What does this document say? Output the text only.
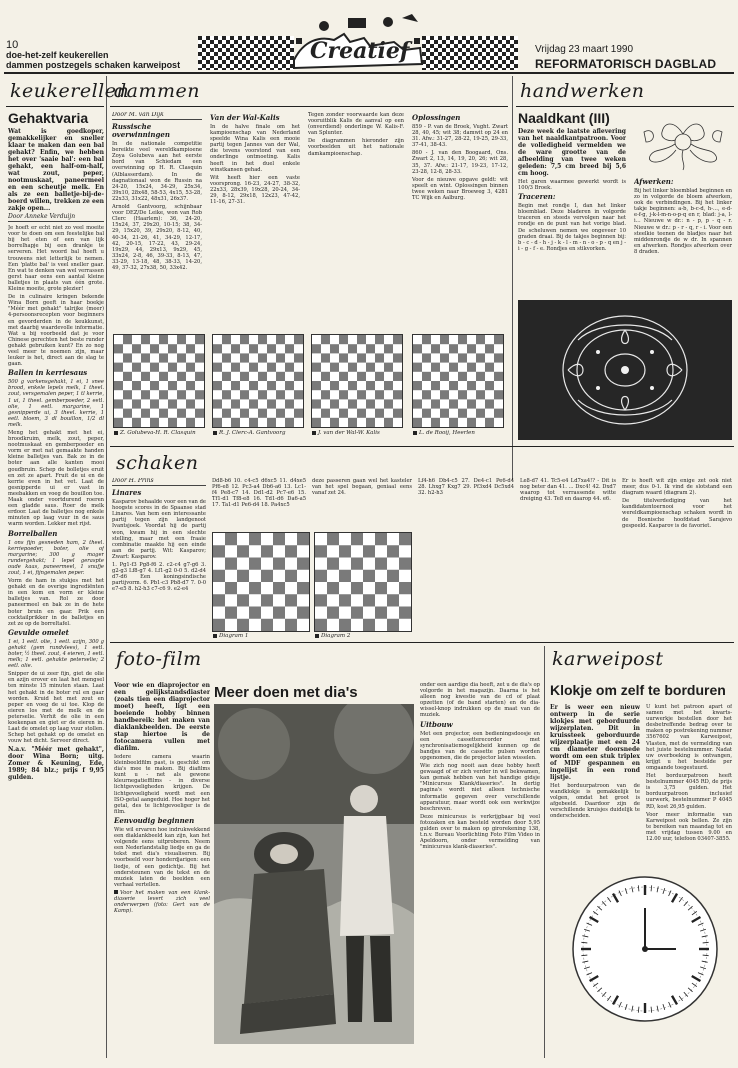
10
doe-het-zelf keukerellen
dammen postzegels schaken karweipost
Creatief	Vrijdag 23 maart 1990
REFORMATORISCH DAGBLAD
keukerellen
Gehaktvaria

Wat is goedkoper, gemakkelijker en sneller klaar te maken dan een bal gehakt? Enfin, we hebben het over 'saaie bal': een bal gehakt, een half-om-half, wat zout, peper, nootmuskaat, paneermeel en een scheutje melk. En als ze een balletje-bij-de-boerd willen, trekken ze een zakje open...

Door Anneke Verduijn

Je hoeft er echt niet zo veel moeite voor te doen om een feestelijke bal bij het eten of een van lijk borrelhapje bij een drankje te serveren. Het woord bal hoeft u trouwens niet letterlijk te nemen. Een 'platte bal' is veel sneller gaar. En wat te denken van wel verrassen gerst haar eens een aantal kleine balletjes in plaats van één grote. Kleine moeite, grote plezier!

De in culinaire kringen bekende Wina Born geeft in haar boekje "Méér met gehakt" talrijke (meer) 4-persoonsrecepten voor beginners en gevorderden in de keukkunst, met daarbij waardevolle informatie. Wat u bij voorbeeld dat je voor Chinese gerechten het beste runder gehakt gebruiken kunt? En zo nog veel meer te noemen zijn, maar leuker is het, direct aan de slag te gaan.

Ballen in kerriesaus

500 g varkensgehakt, 1 ei, 1 snee brood, enkele lepels melk, 1 theel. zout, versgemalen peper, 1 tl kerrie, 1 ui, 1 theel. gemberpoeder, 2 eetl. olie, 1 eetl. margarine, 1 gesnipperde ui, 3 theel. kerrie, 1 eetl. bloem, 3 dl bouillon, 1/2 dl melk.

Meng het gehakt met het ei, broodkruim, melk, zout, peper, nootmuskaat en gemberpoeder en vorm er met nat gemaakte handen kleine balletjes van. Bak ze in de boter aan alle kanten mooi goudbruin. Schep de bolletjes eruit en zet ze apart. Fruit de ui en de kerrie even in het vet. Laat de gesnipperde ui er vast in meebakken en voeg de bouillon toe. Maak onder voortdurend roeren een gladde saus. Roer de melk erdoor. Laat de balletjes nog enkele minuten op laag vuur in de saus warm worden. Lekker met rijst.

Borrelballen

1 ons fijn gesneden ham, 2 theel. kerriepoeder, boter, olie of margarine; 300 g mager rundergehakt; 1 lepel geraspte oude kaas, paneermeel, 1 snufje zout, 1 ei, fijngemalen peper.

Vorm de ham in stukjes met het gehakt en de overige ingrediënten in een kom en vorm er kleine balletjes van. Rol ze door paneermeel en bak ze in de hete boter bruin en gaar. Prik een cocktailprikker in de balletjes en zet ze op de borreltafel.

Gevulde omelet

1 ei, 1 eetl. olie, 1 eetl. azijn, 300 g gehakt (gem rundvlees), 1 eetl. boter, ½ theel. zout, 4 eieren, 1 eetl. melk; 1 eetl. gehakte peterselie; 2 eetl. olie.

Snipper de ui zeer fijn, giet de olie en azijn erover en laat het mengsel ten minste 15 minuten staan. Laat het gehakt in de boter rul en gaar worden. Kruid het met zout en peper en voeg de ui toe. Klop de eieren los met de melk en de peterselie. Verhit de olie in een koekenpan en giet er de eieren in. Laat de omelet op laag vuur stollen. Schep het gehakt op de omelet en vouw het dicht. Serveer direct.

N.a.v. "Méér met gehakt", door Wina Born; uitg. Zomer & Keuning, Ede, 1989; 84 blz.; prijs f 9,95 gulden.

dammen
Door M. van Dijk
Russische overwinningen

In de nationale competitie bereikte veel wereldkampioene Zoya Golubeva aan het eerste bord van Schiedam een overwinning op H. R. Clasquin (Alblasserdam). In de dagnationaal won de Russin na 24-20, 15x24, 34-29, 25x34, 39x10, 28x48, 58-53, 4x15, 53-28, 22x33, 31x22, 48x31, 26x37.

Arnold Gantvoorg, schijnbaar voor DEZ/De Leike, won van Rob Clerc (Haarlem): 36, 24-20, 15x24, 37, 29x20, 10-15; 38, 34-29, 15x20, 39, 29x20, 8-12, 40, 40-34, 21-26, 41, 34-29, 12-17, 42, 20-15, 17-22, 43, 29-24, 19x29, 44, 29x13, 9x29, 45, 33x24, 2-8, 46, 39-33, 8-13, 47, 33-29, 13-18, 48, 38-33, 14-20, 49, 37-32, 27x38, 50, 33x42.

Van der Wal-Kalis

In de halve finale om het kampioenschap van Nederland speelde Wina Kalis een mooie partij tegen Jannes van der Wal, die tevens voorstond van een onderlinge ontmoeting. Kalis heeft in het duel enkele winstkansen gehad.

Wit heeft hier een vaste voorsprong. 16-23, 24-27, 38-32, 22x33, 28x39, 19x28, 20-24, 34-29, 8-12, 29x18, 12x23, 47-42, 11-16, 27-31.

Tegen zonder voorwaarde kan deze vooruitblik Kalis de aanval op een (onverdiend) onderlinge W. Kalis-F. van Splunter.

De diagrammen hieronder zijn voorbeelden uit het nationale damkampioenschap.

Oplossingen

859 - P. van de Broek, Vught. Zwart 28, 40, 45; wit 38; damwit op 24 en 31. Afw.: 31-27, 28-22, 19-25, 29-33, 37-41, 38-43.

860 - J. van den Boogaard, Ons. Zwart 2, 13, 14, 19, 20, 26; wit 28, 35, 37. Afw.: 21-17, 19-23, 17-12, 23-28, 12-8, 28-33.

Voor de nieuwe opgave geldt: wit speelt en wint. Oplossingen binnen twee weken naar Broeweg 3, 4281 TC Wijk en Aalburg.

Z. Golubeva-H. R. Clasquin	R. J. Clerc-A. Gantvoorg	J. van der Wal-W. Kalis	L. de Rooij, Heerlen
handwerken
Naaldkant (III)

Deze week de laatste aflevering van het naaldkantpatroon. Voor de volledigheid vermelden we de ware grootte van de afbeelding van twee weken geleden: 7,5 cm breed bij 5,6 cm hoog.

Het garen waarmee gewerkt wordt is 100/3 Broek.

Traceren:

Begin met rondje I, dan het linker bloemblad. Deze bladeren in volgorde traceren en steeds vervolgen naar het rondje en de punt van het vorige blad. De scheluwen nemen we ongeveer 10 graden draai. Bij de takjes beginnen bij: b - c - d - h - j - k - l - m - n - o - p - q en j - i - g - f - e. Rondjes en stikvorken.

Afwerken:

Bij het linker bloemblad beginnen en zo in volgorde de bloem afwerken, ook de verbindingen. Bij het linker takje beginnen: a-b, b-c-d, h-..., e-d-e-f-g, j-k-l-m-n-o-p-q en r, blad: j-a, l-i... Nieuwe w dr.: n - p, p - q - r. Nieuwe w dr.: p - r - q, r - i. Voor een steelkie teenen de bladjes naar het middenrondje de w dr. In spannen en afwerken. Rondjes afwerken over 8 draden.

schaken
Door H. Prins
Linares

Kasparov behaalde voor een van de hoogste scores in de Spaanse stad Linares. Van hem een interessante partij tegen zijn landgenoot Ivantsjoek. Voordat hij de partij won, kwam hij in een slechte stelling, maar met een fraaie combinatie maakte hij een einde aan de partij. Wit: Kasparov; Zwart: Kasparov.

1. Pg1-f3 Pg8-f6 2. c2-c4 g7-g6 3. g2-g3 Lf8-g7 4. Lf1-g2 0-0 5. d2-d4 d7-d6 Een koningsindische partijvorm. 6. Pb1-c3 Pb8-d7 7. 0-0 e7-e5 8. h2-h3 c7-c6 9. e2-e4

Dd8-b6 10. c4-c5 d6xc5 11. d4xe5 Pf6-e8 12. Pc3-a4 Db6-a6 13. Lc1-f4 Pe8-c7 14. Dd1-d2 Pc7-e6 15. Tf1-d1 Tf8-e8 16. Td1-d6 Da6-a5 17. Ta1-d1 Pe6-d4 18. Pa4xc5

deze passeren gaan wel het kasteler van het spel begaan, geniaal eens vanaf zet 24.

Diagram 1	Diagram 2

Lf4-h6 Db4-c5 27. De4-c1 Pe6-d4 28. Lhxg7 Kxg7 29. Pf3xd4 Dc5xd4 32. h2-h3

Le8-d7 41. Tc5-e4 Ld7xa4!? - Dit is nog beter dan 41. ... Dxc4! 42. Dxd7 waarop tot verrassende witte dreiging 43. Te8 en daarop 44. e6.

Er is hoeft wit zijn enige zet ook niet meer, dus 0-1. Ik vind de slotstand een diagram waard (diagram 2).

De titelverdediging van het kandidatentoernooi voor het wereldkampioenschap schaken wordt in de Bosnische hoofdstad Sarajevo gespeeld. Kasparov is de favoriet.

foto-film

Voor wie en diaprojector en een gelijkstandsdiaster (zoals tien een diaprojector moet) heeft, ligt een boeiende hobby binnen handbereik: het maken van diaklankbeelden. De eerste stap hiertoe is de fotocamera vullen met diafilm.

Iedere camera waarin kleinbeeldfilm past, is geschikt om dia's mee te maken. Bij diafilms kunt u - net als gewone kleurnegatieffilms - in diverse lichtgevoeligheden krijgen. De lichtgevoeligheid wordt met een ISO-getal aangeduid. Hoe hoger het getal, des te lichtgevoeliger is de film.

Eenvoudig beginnen

Wie wil ervaren hoe indrukwekkend een diaklankbeeld kan zijn, kan het volgende eens uitproberen. Neem een Nederlandstalig liedje en ga de tekst met dia's visualiseren. Bij voorbeeld voor honderdjarigen: een liedje, of een gedichtje. Bij het ondersteunen van de tekst en de muziek laten de beelden een verhaal vertellen.

Voor het maken van een klank-diaserie levert zich veel onderwerpen (foto: Gert van de Kamp).

Meer doen met dia's	onder een aardige dia heeft, zet u de dia's op volgorde in het magazijn. Daarna is het alleen nog kwestie van de cd of plaat opzetten (of de band starten) en de dia-wissel-knop indrukken op de maat van de muziek.

Uitbouw

Met een projector, een bedieningsdoosje en een cassetterecorder met synchronisatiemogelijkheid kunnen op de bandjes van de cassette pulsen worden opgenomen, die de projector laten wisselen.

Wie zich nog nooit aan deze hobby heeft gewaagd of er zich verder in wil bekwamen, kan gemak hebben van het handige gidsje "Minicursus Klank/diaseries". In dertig pagina's wordt niet alleen technische informatie gegeven over verschillende apparatuur, maar wordt ook een werkwijze beschreven.

Deze minicursus is verkrijgbaar bij veel fotozaken en kan besteld worden door 5,95 gulden over te maken op girorekening 138, t.n.v. Bureau Voorlichting Foto Film Video in Apeldoorn, onder vermelding van "minicursus klank-diaseries".

karweipost
Klokje om zelf te borduren

Er is weer een nieuw ontwerp in de serie klokjes met geborduurde wijzerplaten. Dit in kruissteek geborduurde wijzerplaatje met een 24 cm diameter doorsnede wordt om een stuk triplex of MDF gespannen en ingelijst in een rond lijstje.

Het borduurpatroon van de wandklokje is gemakkelijk te volgen, omdat het groot is afgebeeld. Daardoor zijn de verschillende kruisjes duidelijk te onderscheiden.

U kunt het patroon apart of samen met het kwarts-uurwerkje bestellen door het desbetreffende bedrag over te maken op postrekening nummer 3567602 van Karweipost, Vlasten, met de vermelding van het juiste bestelnummer. Nadat uw overboeking is ontvangen, krijgt u het bestelde per omgaande toegestuurd.

Het borduurpatroon heeft bestelnummer 4045 RD, de prijs is 3,75 gulden. Het borduurpatroon inclusief uurwerk, bestelnummer P 4045 RD, kost 26,95 gulden.

Voor meer informatie van Karweipost ook bellen. Ze zijn te bereiken van maandag tot en met vrijdag tussen 9.00 en 12.00 uur, telefoon 03407-3855.
